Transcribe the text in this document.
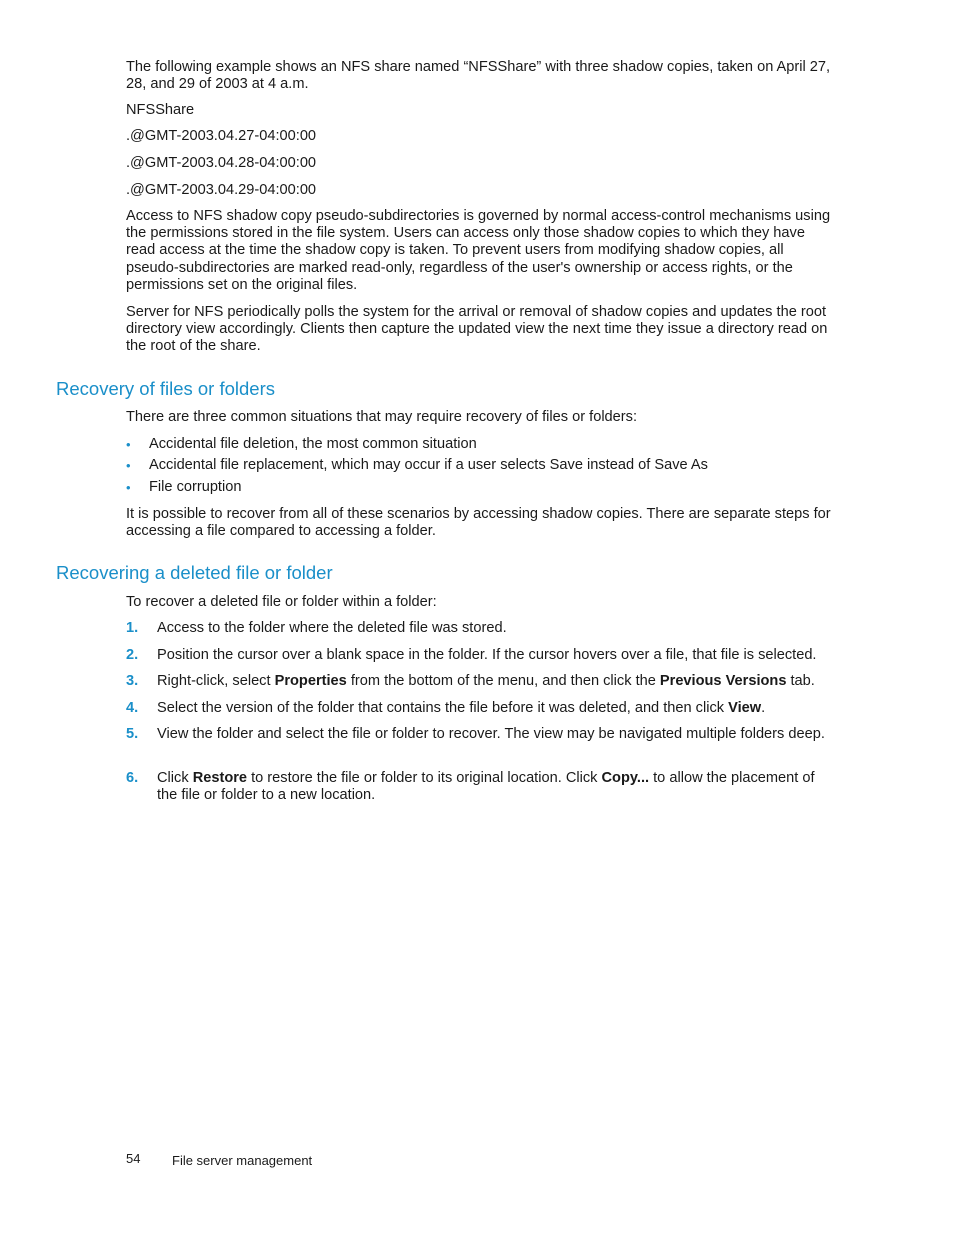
The following example shows an NFS share named “NFSShare” with three shadow copies, taken on April 27, 28, and 29 of 2003 at 4 a.m.

NFSShare

.@GMT-2003.04.27-04:00:00

.@GMT-2003.04.28-04:00:00

.@GMT-2003.04.29-04:00:00

Access to NFS shadow copy pseudo-subdirectories is governed by normal access-control mechanisms using the permissions stored in the file system. Users can access only those shadow copies to which they have read access at the time the shadow copy is taken. To prevent users from modifying shadow copies, all pseudo-subdirectories are marked read-only, regardless of the user's ownership or access rights, or the permissions set on the original files.

Server for NFS periodically polls the system for the arrival or removal of shadow copies and updates the root directory view accordingly. Clients then capture the updated view the next time they issue a directory read on the root of the share.

Recovery of files or folders

There are three common situations that may require recovery of files or folders:

• Accidental file deletion, the most common situation
• Accidental file replacement, which may occur if a user selects Save instead of Save As
• File corruption

It is possible to recover from all of these scenarios by accessing shadow copies. There are separate steps for accessing a file compared to accessing a folder.

Recovering a deleted file or folder

To recover a deleted file or folder within a folder:

1. Access to the folder where the deleted file was stored.
2. Position the cursor over a blank space in the folder. If the cursor hovers over a file, that file is selected.
3. Right-click, select Properties from the bottom of the menu, and then click the Previous Versions tab.
4. Select the version of the folder that contains the file before it was deleted, and then click View.
5. View the folder and select the file or folder to recover. The view may be navigated multiple folders deep.
6. Click Restore to restore the file or folder to its original location. Click Copy... to allow the placement of the file or folder to a new location.
54 File server management
